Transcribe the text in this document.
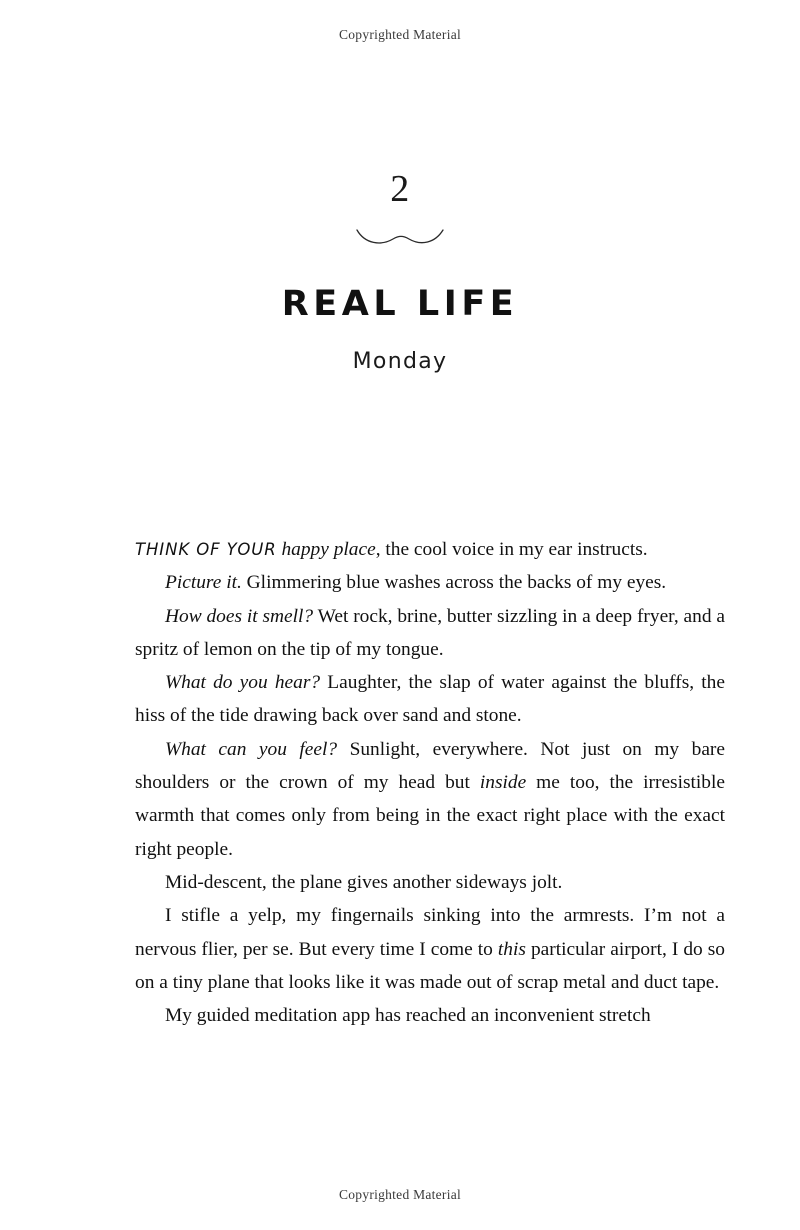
Copyrighted Material
2
REAL LIFE
Monday

THINK OF YOUR happy place, the cool voice in my ear instructs.

Picture it. Glimmering blue washes across the backs of my eyes.

How does it smell? Wet rock, brine, butter sizzling in a deep fryer, and a spritz of lemon on the tip of my tongue.

What do you hear? Laughter, the slap of water against the bluffs, the hiss of the tide drawing back over sand and stone.

What can you feel? Sunlight, everywhere. Not just on my bare shoulders or the crown of my head but inside me too, the irresistible warmth that comes only from being in the exact right place with the exact right people.

Mid-descent, the plane gives another sideways jolt.

I stifle a yelp, my fingernails sinking into the armrests. I’m not a nervous flier, per se. But every time I come to this particular airport, I do so on a tiny plane that looks like it was made out of scrap metal and duct tape.

My guided meditation app has reached an inconvenient stretch

Copyrighted Material
